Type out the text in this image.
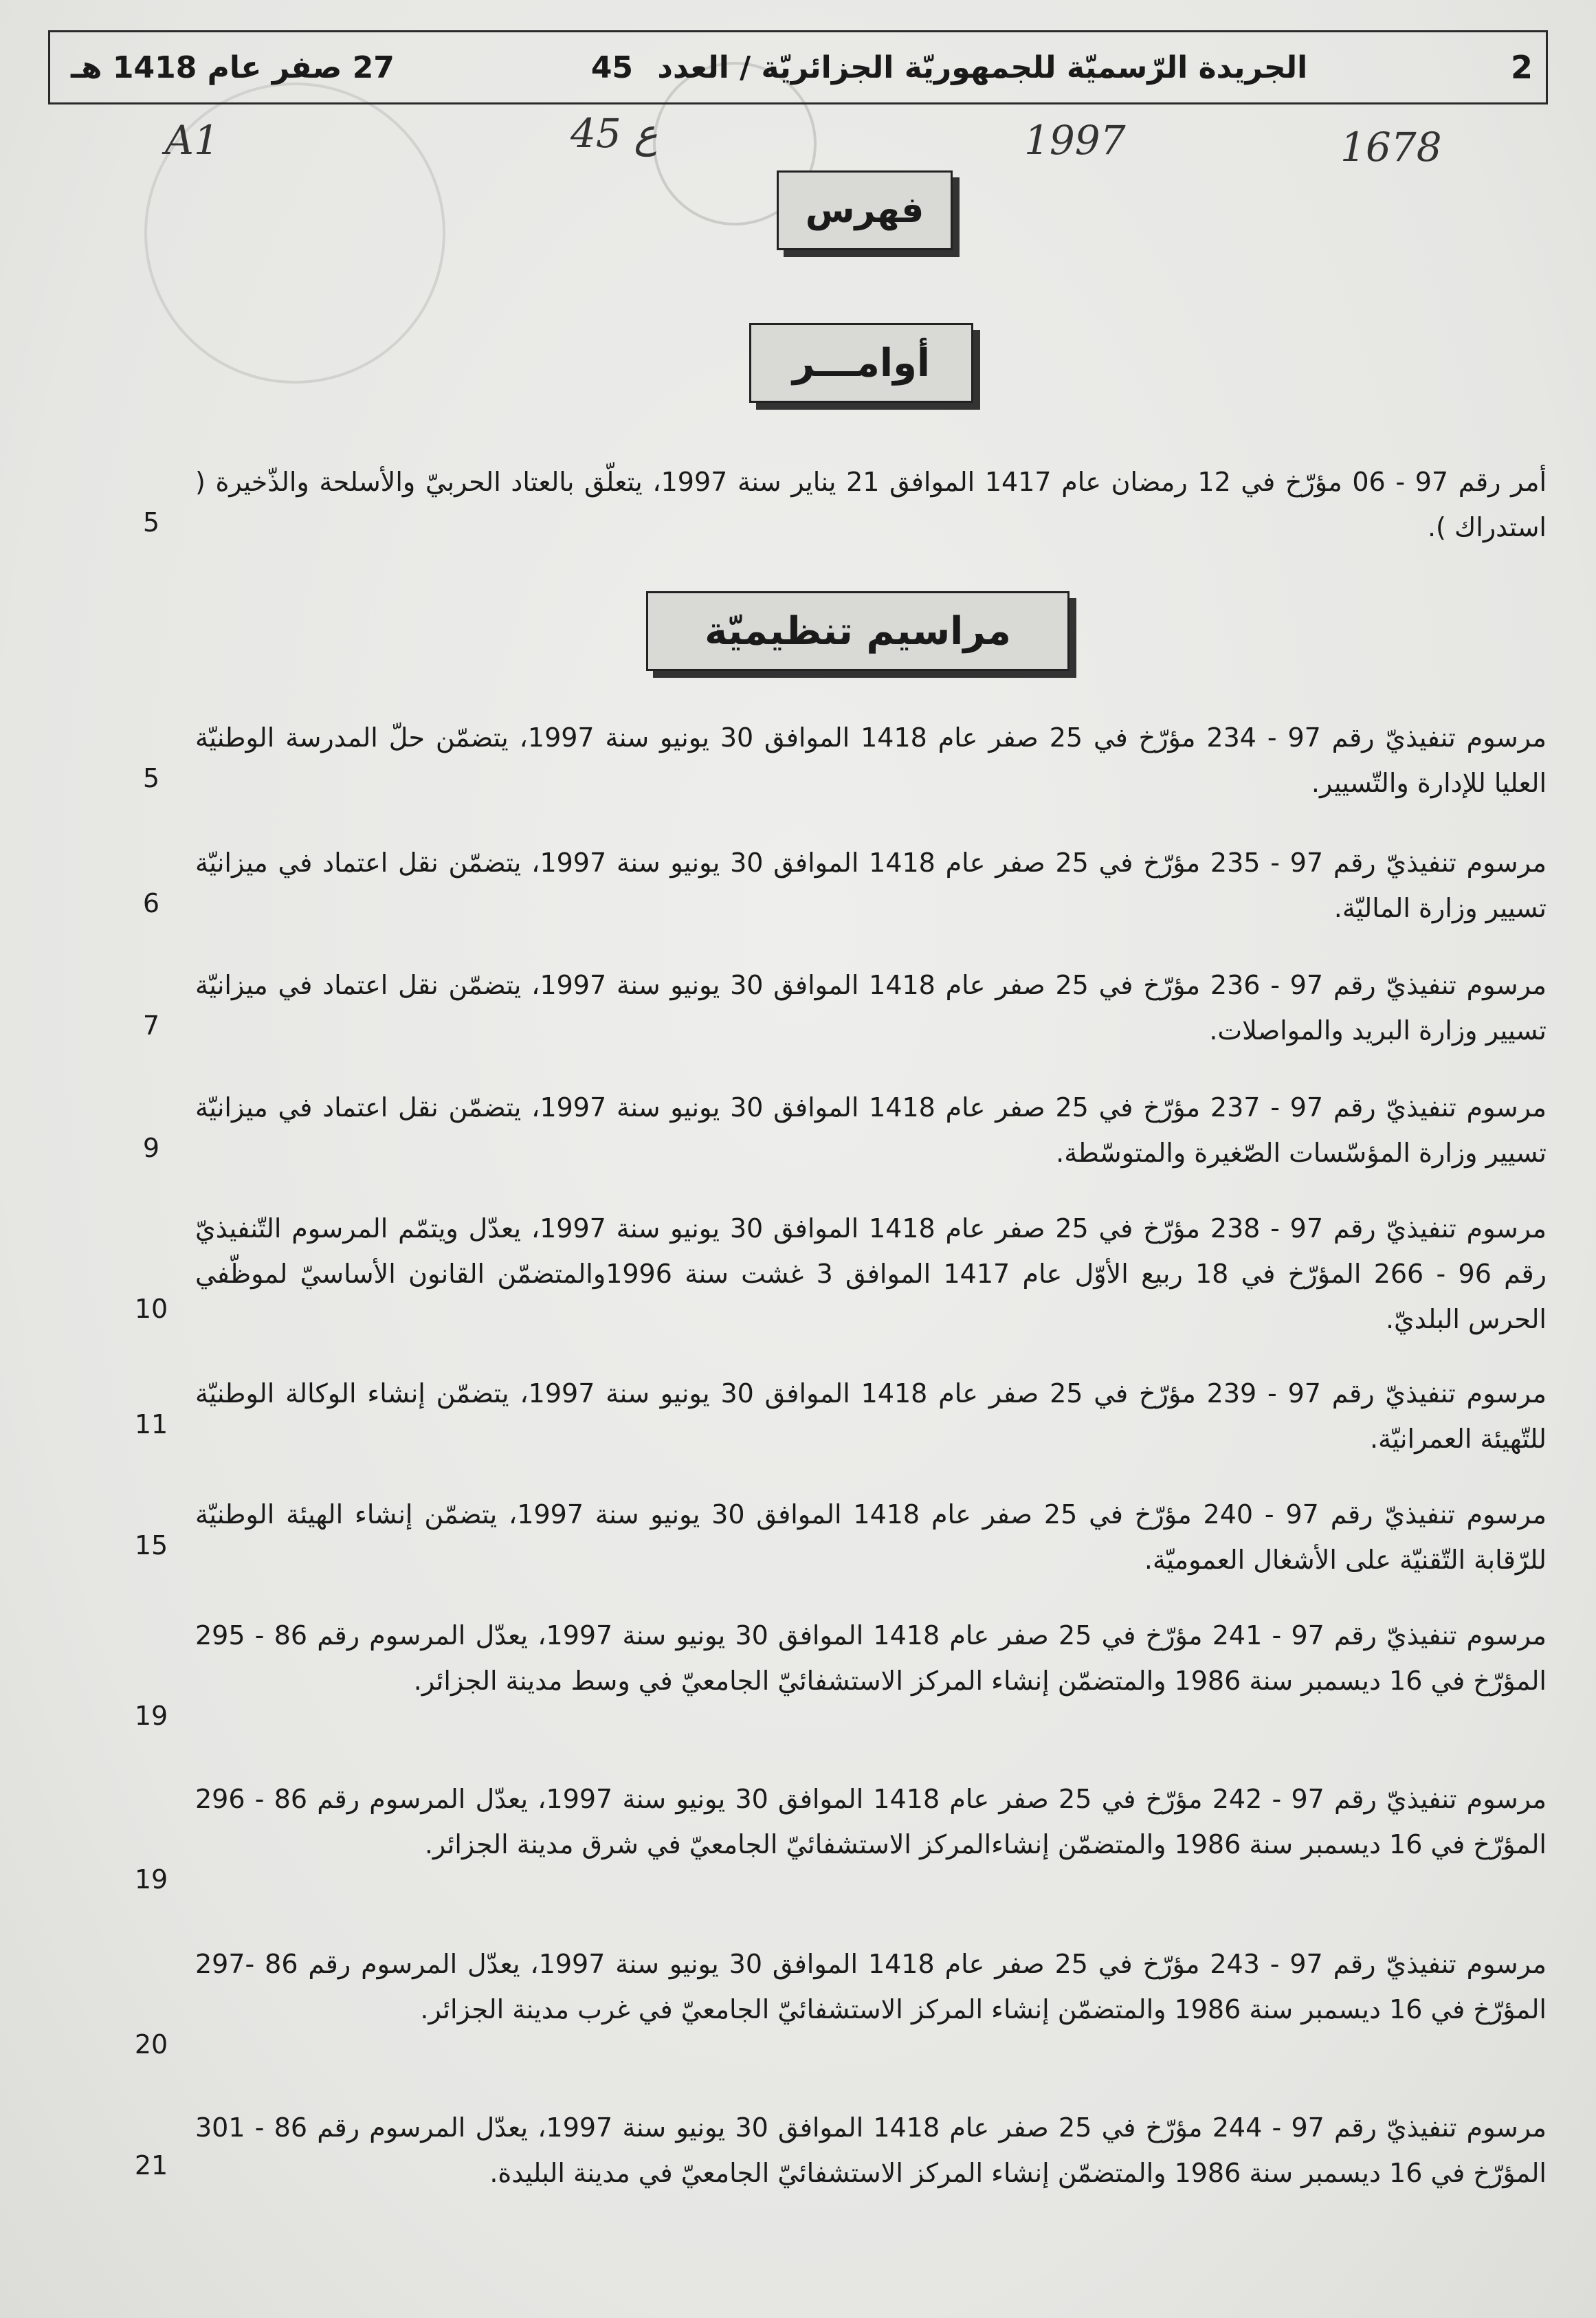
2
الجريدة الرّسميّة للجمهوريّة الجزائريّة / العدد 45
27 صفر عام 1418 هـ
A1	ع 45	1997	1678
فهرس
أوامـــر
أمر رقم 97 - 06 مؤرّخ في 12 رمضان عام 1417 الموافق 21 يناير سنة 1997، يتعلّق بالعتاد الحربيّ والأسلحة والذّخيرة ( استدراك ).
5
مراسيم تنظيميّة
مرسوم تنفيذيّ رقم 97 - 234 مؤرّخ في 25 صفر عام 1418 الموافق 30 يونيو سنة 1997، يتضمّن حلّ المدرسة الوطنيّة العليا للإدارة والتّسيير.
5
مرسوم تنفيذيّ رقم 97 - 235 مؤرّخ في 25 صفر عام 1418 الموافق 30 يونيو سنة 1997، يتضمّن نقل اعتماد في ميزانيّة تسيير وزارة الماليّة.
6
مرسوم تنفيذيّ رقم 97 - 236 مؤرّخ في 25 صفر عام 1418 الموافق 30 يونيو سنة 1997، يتضمّن نقل اعتماد في ميزانيّة تسيير وزارة البريد والمواصلات.
7
مرسوم تنفيذيّ رقم 97 - 237 مؤرّخ في 25 صفر عام 1418 الموافق 30 يونيو سنة 1997، يتضمّن نقل اعتماد في ميزانيّة تسيير وزارة المؤسّسات الصّغيرة والمتوسّطة.
9
مرسوم تنفيذيّ رقم 97 - 238 مؤرّخ في 25 صفر عام 1418 الموافق 30 يونيو سنة 1997، يعدّل ويتمّم المرسوم التّنفيذيّ رقم 96 - 266 المؤرّخ في 18 ربيع الأوّل عام 1417 الموافق 3 غشت سنة 1996والمتضمّن القانون الأساسيّ لموظّفي الحرس البلديّ.
10
مرسوم تنفيذيّ رقم 97 - 239 مؤرّخ في 25 صفر عام 1418 الموافق 30 يونيو سنة 1997، يتضمّن إنشاء الوكالة الوطنيّة للتّهيئة العمرانيّة.
11
مرسوم تنفيذيّ رقم 97 - 240 مؤرّخ في 25 صفر عام 1418 الموافق 30 يونيو سنة 1997، يتضمّن إنشاء الهيئة الوطنيّة للرّقابة التّقنيّة على الأشغال العموميّة.
15
مرسوم تنفيذيّ رقم 97 - 241 مؤرّخ في 25 صفر عام 1418 الموافق 30 يونيو سنة 1997، يعدّل المرسوم رقم 86 - 295 المؤرّخ في 16 ديسمبر سنة 1986 والمتضمّن إنشاء المركز الاستشفائيّ الجامعيّ في وسط مدينة الجزائر.
19
مرسوم تنفيذيّ رقم 97 - 242 مؤرّخ في 25 صفر عام 1418 الموافق 30 يونيو سنة 1997، يعدّل المرسوم رقم 86 - 296 المؤرّخ في 16 ديسمبر سنة 1986 والمتضمّن إنشاءالمركز الاستشفائيّ الجامعيّ في شرق مدينة الجزائر.
19
مرسوم تنفيذيّ رقم 97 - 243 مؤرّخ في 25 صفر عام 1418 الموافق 30 يونيو سنة 1997، يعدّل المرسوم رقم 86 -297 المؤرّخ في 16 ديسمبر سنة 1986 والمتضمّن إنشاء المركز الاستشفائيّ الجامعيّ في غرب مدينة الجزائر.
20
مرسوم تنفيذيّ رقم 97 - 244 مؤرّخ في 25 صفر عام 1418 الموافق 30 يونيو سنة 1997، يعدّل المرسوم رقم 86 - 301 المؤرّخ في 16 ديسمبر سنة 1986 والمتضمّن إنشاء المركز الاستشفائيّ الجامعيّ في مدينة البليدة.
21
